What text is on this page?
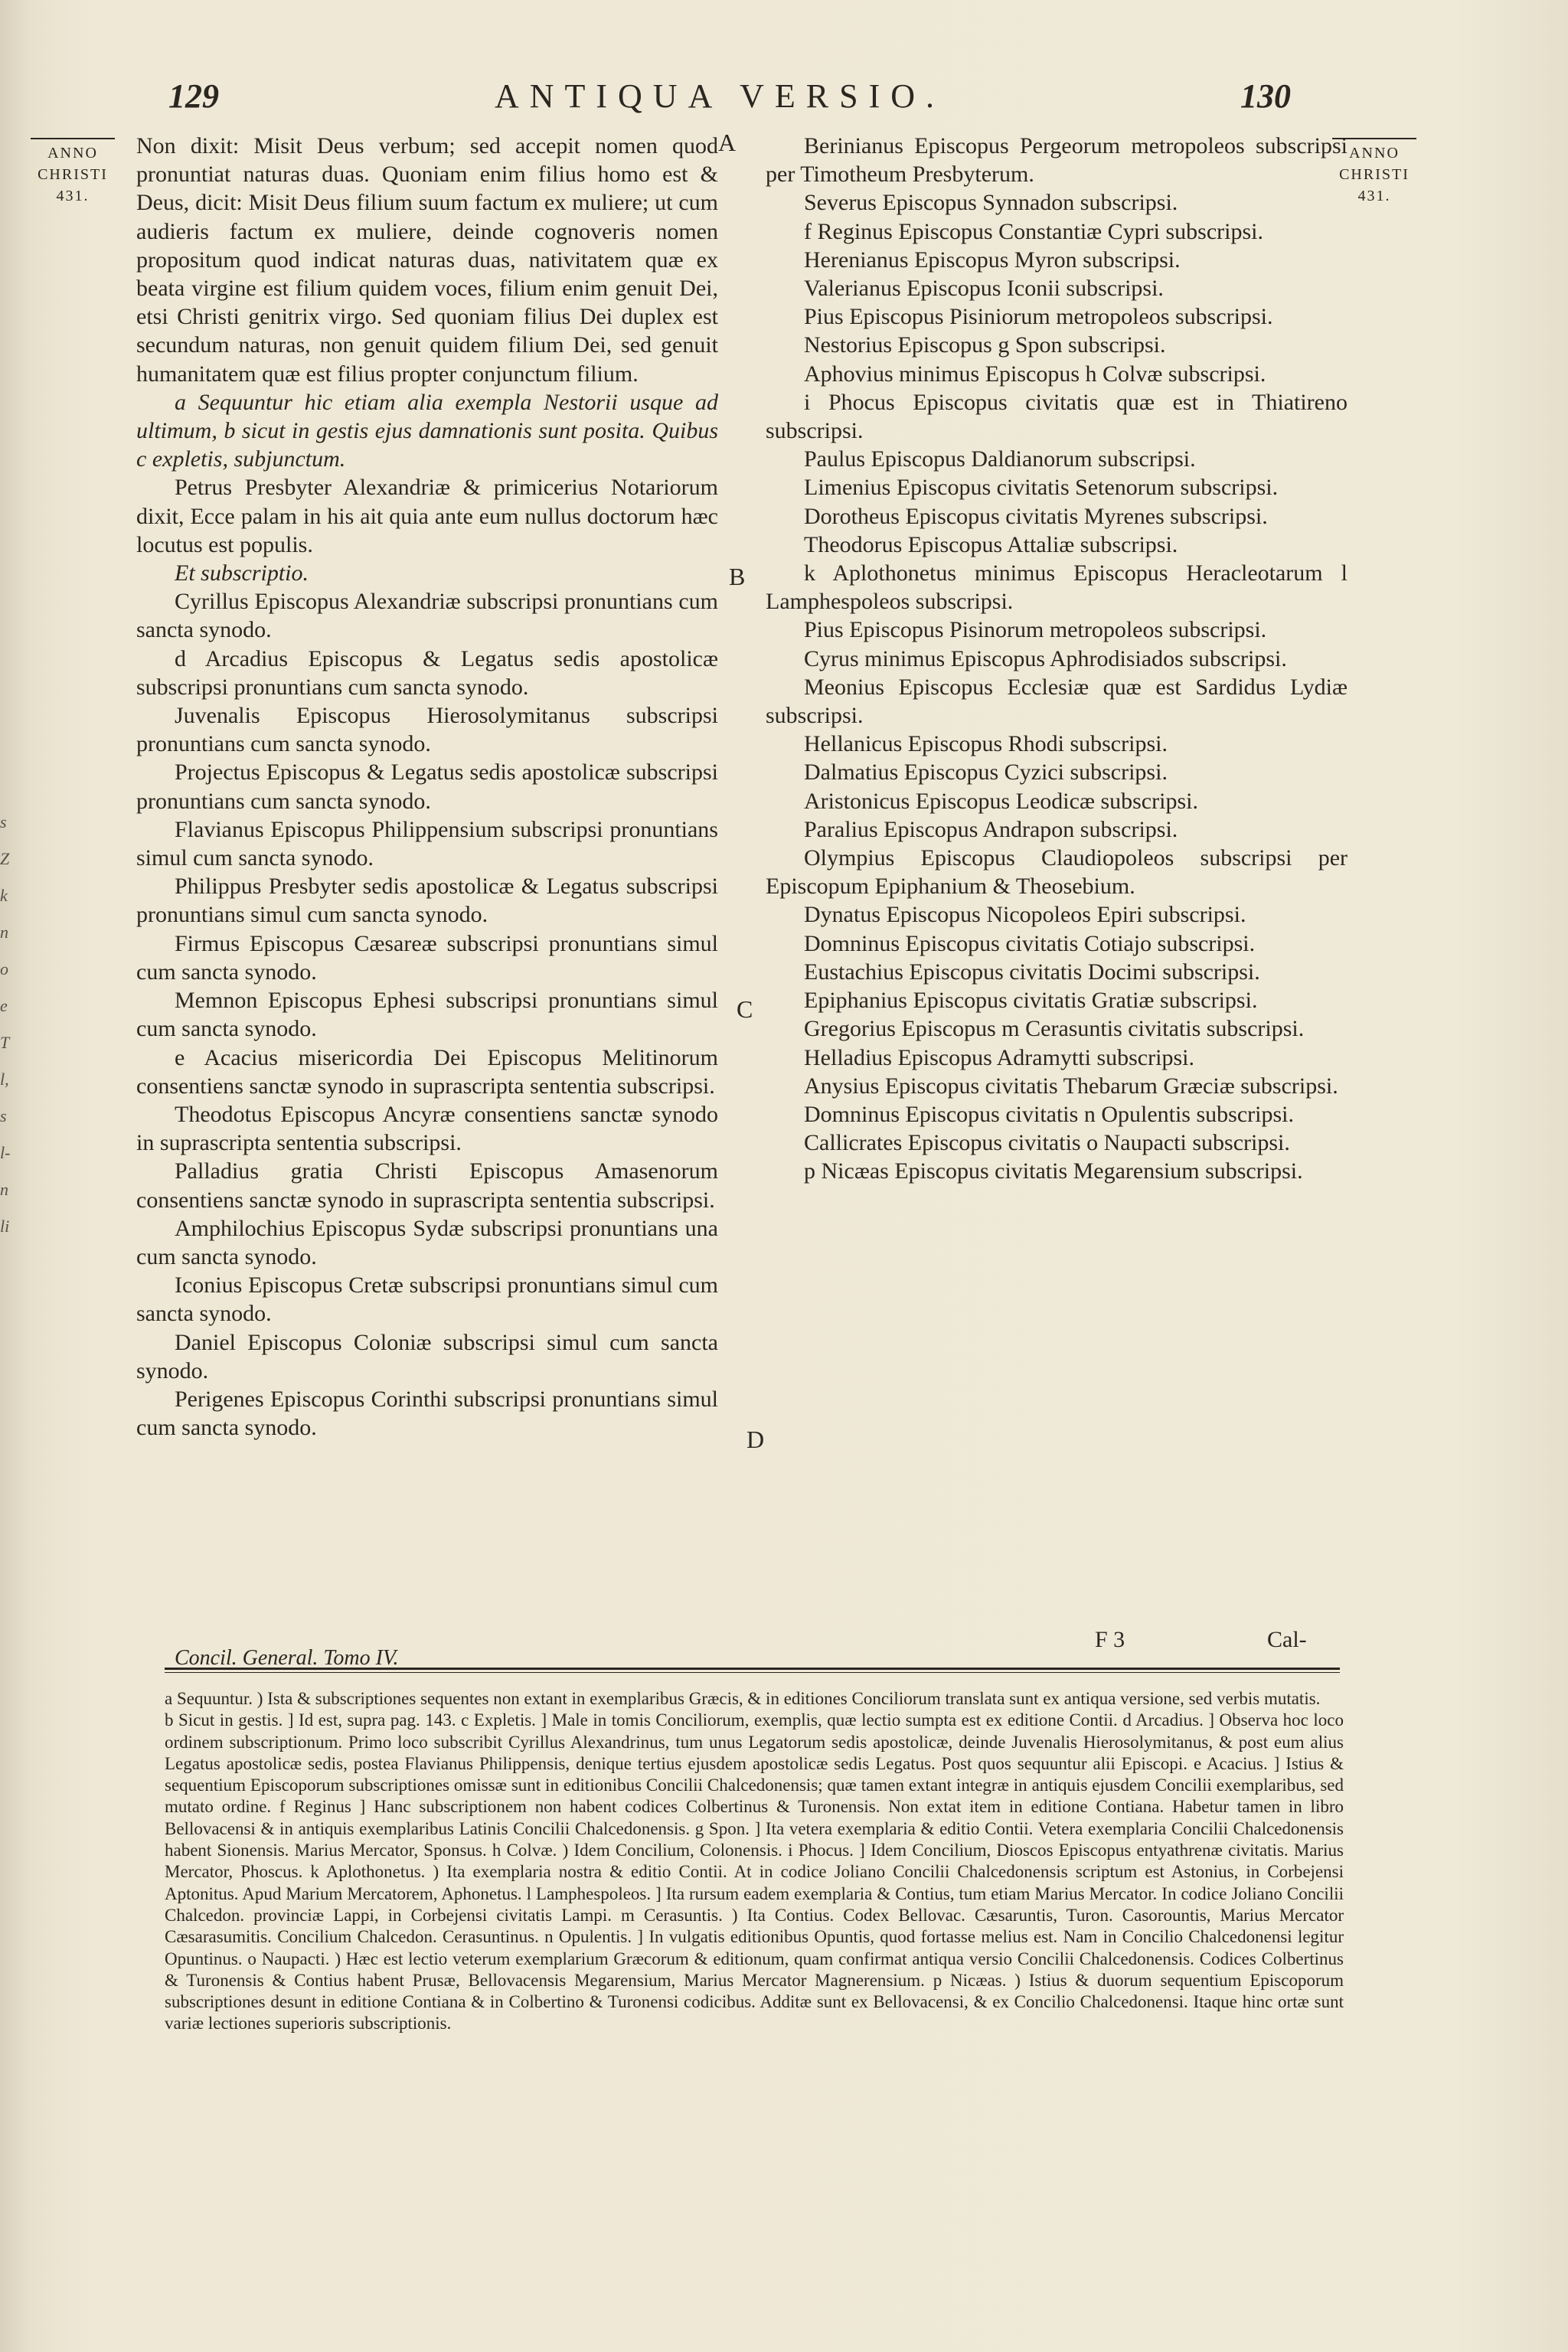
s
Z
k
n
o
e
T
l,
s
l-
n
li
129	ANTIQUA VERSIO.	130
ANNO
CHRISTI
431.
ANNO
CHRISTI
431.
A
B
C
D

Non dixit: Misit Deus verbum; sed accepit nomen quod pronuntiat naturas duas. Quoniam enim filius homo est & Deus, dicit: Misit Deus filium suum factum ex muliere; ut cum audieris factum ex muliere, deinde cognoveris nomen propositum quod indicat naturas duas, nativitatem quæ ex beata virgine est filium quidem voces, filium enim genuit Dei, etsi Christi genitrix virgo. Sed quoniam filius Dei duplex est secundum naturas, non genuit quidem filium Dei, sed genuit humanitatem quæ est filius propter conjunctum filium.

a Sequuntur hic etiam alia exempla Nestorii usque ad ultimum, b sicut in gestis ejus damnationis sunt posita. Quibus c expletis, subjunctum.

Petrus Presbyter Alexandriæ & primicerius Notariorum dixit, Ecce palam in his ait quia ante eum nullus doctorum hæc locutus est populis.

Et subscriptio.

Cyrillus Episcopus Alexandriæ subscripsi pronuntians cum sancta synodo.

d Arcadius Episcopus & Legatus sedis apostolicæ subscripsi pronuntians cum sancta synodo.

Juvenalis Episcopus Hierosolymitanus subscripsi pronuntians cum sancta synodo.

Projectus Episcopus & Legatus sedis apostolicæ subscripsi pronuntians cum sancta synodo.

Flavianus Episcopus Philippensium subscripsi pronuntians simul cum sancta synodo.

Philippus Presbyter sedis apostolicæ & Legatus subscripsi pronuntians simul cum sancta synodo.

Firmus Episcopus Cæsareæ subscripsi pronuntians simul cum sancta synodo.

Memnon Episcopus Ephesi subscripsi pronuntians simul cum sancta synodo.

e Acacius misericordia Dei Episcopus Melitinorum consentiens sanctæ synodo in suprascripta sententia subscripsi.

Theodotus Episcopus Ancyræ consentiens sanctæ synodo in suprascripta sententia subscripsi.

Palladius gratia Christi Episcopus Amasenorum consentiens sanctæ synodo in suprascripta sententia subscripsi.

Amphilochius Episcopus Sydæ subscripsi pronuntians una cum sancta synodo.

Iconius Episcopus Cretæ subscripsi pronuntians simul cum sancta synodo.

Daniel Episcopus Coloniæ subscripsi simul cum sancta synodo.

Perigenes Episcopus Corinthi subscripsi pronuntians simul cum sancta synodo.

Berinianus Episcopus Pergeorum metropoleos subscripsi per Timotheum Presbyterum.

Severus Episcopus Synnadon subscripsi.

f Reginus Episcopus Constantiæ Cypri subscripsi.

Herenianus Episcopus Myron subscripsi.

Valerianus Episcopus Iconii subscripsi.

Pius Episcopus Pisiniorum metropoleos subscripsi.

Nestorius Episcopus g Spon subscripsi.

Aphovius minimus Episcopus h Colvæ subscripsi.

i Phocus Episcopus civitatis quæ est in Thiatireno subscripsi.

Paulus Episcopus Daldianorum subscripsi.

Limenius Episcopus civitatis Setenorum subscripsi.

Dorotheus Episcopus civitatis Myrenes subscripsi.

Theodorus Episcopus Attaliæ subscripsi.

k Aplothonetus minimus Episcopus Heracleotarum l Lamphespoleos subscripsi.

Pius Episcopus Pisinorum metropoleos subscripsi.

Cyrus minimus Episcopus Aphrodisiados subscripsi.

Meonius Episcopus Ecclesiæ quæ est Sardidus Lydiæ subscripsi.

Hellanicus Episcopus Rhodi subscripsi.

Dalmatius Episcopus Cyzici subscripsi.

Aristonicus Episcopus Leodicæ subscripsi.

Paralius Episcopus Andrapon subscripsi.

Olympius Episcopus Claudiopoleos subscripsi per Episcopum Epiphanium & Theosebium.

Dynatus Episcopus Nicopoleos Epiri subscripsi.

Domninus Episcopus civitatis Cotiajo subscripsi.

Eustachius Episcopus civitatis Docimi subscripsi.

Epiphanius Episcopus civitatis Gratiæ subscripsi.

Gregorius Episcopus m Cerasuntis civitatis subscripsi.

Helladius Episcopus Adramytti subscripsi.

Anysius Episcopus civitatis Thebarum Græciæ subscripsi.

Domninus Episcopus civitatis n Opulentis subscripsi.

Callicrates Episcopus civitatis o Naupacti subscripsi.

p Nicæas Episcopus civitatis Megarensium subscripsi.

F 3	Cal-
Concil. General. Tomo IV.

a Sequuntur. ) Ista & subscriptiones sequentes non extant in exemplaribus Græcis, & in editiones Conciliorum translata sunt ex antiqua versione, sed verbis mutatis.

b Sicut in gestis. ] Id est, supra pag. 143. c Expletis. ] Male in tomis Conciliorum, exemplis, quæ lectio sumpta est ex editione Contii. d Arcadius. ] Observa hoc loco ordinem subscriptionum. Primo loco subscribit Cyrillus Alexandrinus, tum unus Legatorum sedis apostolicæ, deinde Juvenalis Hierosolymitanus, & post eum alius Legatus apostolicæ sedis, postea Flavianus Philippensis, denique tertius ejusdem apostolicæ sedis Legatus. Post quos sequuntur alii Episcopi. e Acacius. ] Istius & sequentium Episcoporum subscriptiones omissæ sunt in editionibus Concilii Chalcedonensis; quæ tamen extant integræ in antiquis ejusdem Concilii exemplaribus, sed mutato ordine. f Reginus ] Hanc subscriptionem non habent codices Colbertinus & Turonensis. Non extat item in editione Contiana. Habetur tamen in libro Bellovacensi & in antiquis exemplaribus Latinis Concilii Chalcedonensis. g Spon. ] Ita vetera exemplaria & editio Contii. Vetera exemplaria Concilii Chalcedonensis habent Sionensis. Marius Mercator, Sponsus. h Colvæ. ) Idem Concilium, Colonensis. i Phocus. ] Idem Concilium, Dioscos Episcopus entyathrenæ civitatis. Marius Mercator, Phoscus. k Aplothonetus. ) Ita exemplaria nostra & editio Contii. At in codice Joliano Concilii Chalcedonensis scriptum est Astonius, in Corbejensi Aptonitus. Apud Marium Mercatorem, Aphonetus. l Lamphespoleos. ] Ita rursum eadem exemplaria & Contius, tum etiam Marius Mercator. In codice Joliano Concilii Chalcedon. provinciæ Lappi, in Corbejensi civitatis Lampi. m Cerasuntis. ) Ita Contius. Codex Bellovac. Cæsaruntis, Turon. Casorountis, Marius Mercator Cæsarasumitis. Concilium Chalcedon. Cerasuntinus. n Opulentis. ] In vulgatis editionibus Opuntis, quod fortasse melius est. Nam in Concilio Chalcedonensi legitur Opuntinus. o Naupacti. ) Hæc est lectio veterum exemplarium Græcorum & editionum, quam confirmat antiqua versio Concilii Chalcedonensis. Codices Colbertinus & Turonensis & Contius habent Prusæ, Bellovacensis Megarensium, Marius Mercator Magnerensium. p Nicæas. ) Istius & duorum sequentium Episcoporum subscriptiones desunt in editione Contiana & in Colbertino & Turonensi codicibus. Additæ sunt ex Bellovacensi, & ex Concilio Chalcedonensi. Itaque hinc ortæ sunt variæ lectiones superioris subscriptionis.
